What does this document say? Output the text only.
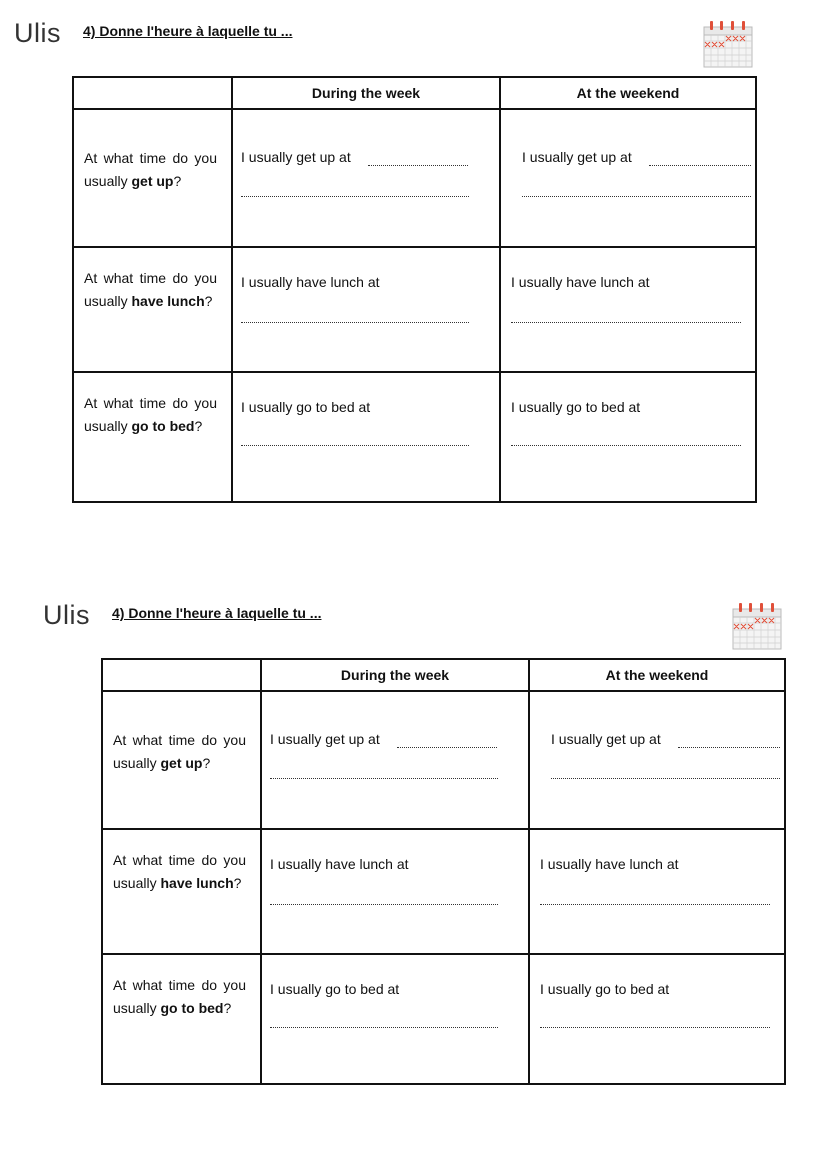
Ulis 4) Donne l'heure à laquelle tu ...
	During the week	At the weekend

At what time do you usually get up?	I usually get up at	I usually get up at

At what time do you usually have lunch?	I usually have lunch at	I usually have lunch at

At what time do you usually go to bed?	I usually go to bed at	I usually go to bed at
Ulis 4) Donne l'heure à laquelle tu ...
	During the week	At the weekend

At what time do you usually get up?	I usually get up at	I usually get up at

At what time do you usually have lunch?	I usually have lunch at	I usually have lunch at

At what time do you usually go to bed?	I usually go to bed at	I usually go to bed at
